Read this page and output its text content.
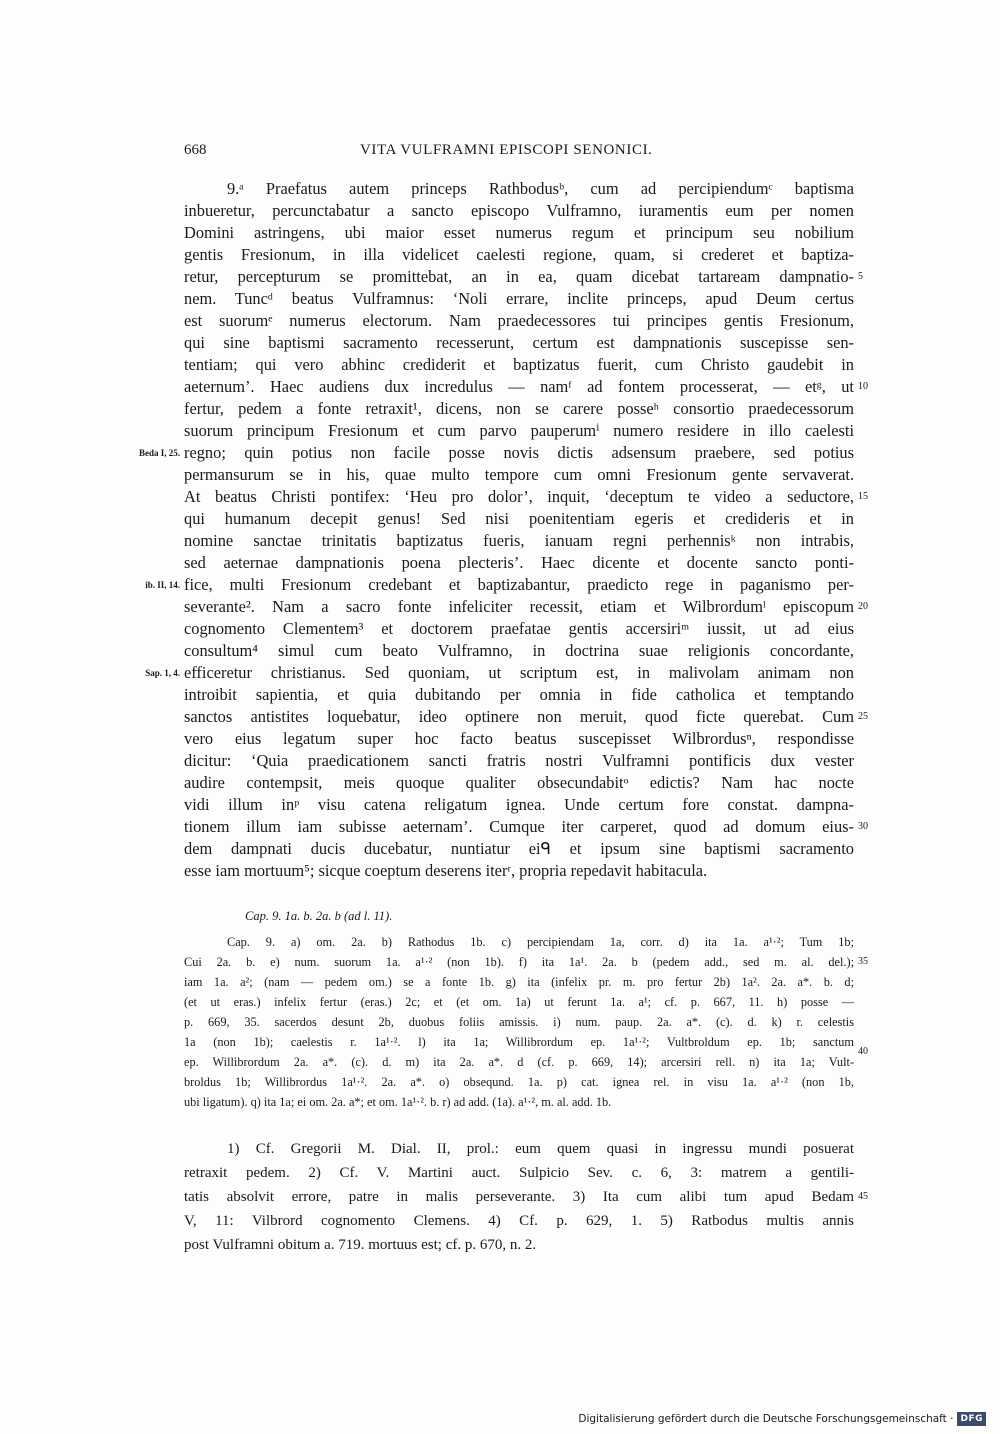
668	VITA VULFRAMNI EPISCOPI SENONICI.
9.ᵃ Praefatus autem princeps Rathbodusᵇ, cum ad percipiendumᶜ baptisma
inbueretur, percunctabatur a sancto episcopo Vulframno, iuramentis eum per nomen
Domini astringens, ubi maior esset numerus regum et principum seu nobilium
gentis Fresionum, in illa videlicet caelesti regione, quam, si crederet et baptiza-
retur, percepturum se promittebat, an in ea, quam dicebat tartaream dampnatio-
nem. Tuncᵈ beatus Vulframnus: ‘Noli errare, inclite princeps, apud Deum certus
est suorumᵉ numerus electorum. Nam praedecessores tui principes gentis Fresionum,
qui sine baptismi sacramento recesserunt, certum est dampnationis suscepisse sen-
tentiam; qui vero abhinc crediderit et baptizatus fuerit, cum Christo gaudebit in
aeternum’. Haec audiens dux incredulus — namᶠ ad fontem processerat, — etᵍ, ut
fertur, pedem a fonte retraxit¹, dicens, non se carere posseʰ consortio praedecessorum
suorum principum Fresionum et cum parvo pauperumⁱ numero residere in illo caelesti
regno; quin potius non facile posse novis dictis adsensum praebere, sed potius
permansurum se in his, quae multo tempore cum omni Fresionum gente servaverat.
At beatus Christi pontifex: ‘Heu pro dolor’, inquit, ‘deceptum te video a seductore,
qui humanum decepit genus! Sed nisi poenitentiam egeris et credideris et in
nomine sanctae trinitatis baptizatus fueris, ianuam regni perhennisᵏ non intrabis,
sed aeternae dampnationis poena plecteris’. Haec dicente et docente sancto ponti-
fice, multi Fresionum credebant et baptizabantur, praedicto rege in paganismo per-
severante². Nam a sacro fonte infeliciter recessit, etiam et Wilbrordumˡ episcopum
cognomento Clementem³ et doctorem praefatae gentis accersiriᵐ iussit, ut ad eius
consultum⁴ simul cum beato Vulframno, in doctrina suae religionis concordante,
efficeretur christianus. Sed quoniam, ut scriptum est, in malivolam animam non
introibit sapientia, et quia dubitando per omnia in fide catholica et temptando
sanctos antistites loquebatur, ideo optinere non meruit, quod ficte querebat. Cum
vero eius legatum super hoc facto beatus suscepisset Wilbrordusⁿ, respondisse
dicitur: ‘Quia praedicationem sancti fratris nostri Vulframni pontificis dux vester
audire contempsit, meis quoque qualiter obsecundabitᵒ edictis? Nam hac nocte
vidi illum inᵖ visu catena religatum ignea. Unde certum fore constat. dampna-
tionem illum iam subisse aeternam’. Cumque iter carperet, quod ad domum eius-
dem dampnati ducis ducebatur, nuntiatur eiᑫ et ipsum sine baptismi sacramento
esse iam mortuum⁵; sicque coeptum deserens iterʳ, propria repedavit habitacula.
Beda I, 25.
ib. II, 14.
Sap. 1, 4.
5
10
15
20
25
30
Cap. 9. 1a. b. 2a. b (ad l. 11).
Cap. 9. a) om. 2a. b) Rathodus 1b. c) percipiendam 1a, corr. d) ita 1a. a¹·²; Tum 1b;
Cui 2a. b. e) num. suorum 1a. a¹·² (non 1b). f) ita 1a¹. 2a. b (pedem add., sed m. al. del.);
iam 1a. a²; (nam — pedem om.) se a fonte 1b. g) ita (infelix pr. m. pro fertur 2b) 1a². 2a. a*. b. d;
(et ut eras.) infelix fertur (eras.) 2c; et (et om. 1a) ut ferunt 1a. a¹; cf. p. 667, 11. h) posse —
p. 669, 35. sacerdos desunt 2b, duobus foliis amissis. i) num. paup. 2a. a*. (c). d. k) r. celestis
1a (non 1b); caelestis r. 1a¹·². l) ita 1a; Willibrordum ep. 1a¹·²; Vultbroldum ep. 1b; sanctum
ep. Willibrordum 2a. a*. (c). d. m) ita 2a. a*. d (cf. p. 669, 14); arcersiri rell. n) ita 1a; Vult-
broldus 1b; Willibrordus 1a¹·². 2a. a*. o) obseqund. 1a. p) cat. ignea rel. in visu 1a. a¹·² (non 1b,
ubi ligatum). q) ita 1a; ei om. 2a. a*; et om. 1a¹·². b. r) ad add. (1a). a¹·², m. al. add. 1b.
35
40
1) Cf. Gregorii M. Dial. II, prol.: eum quem quasi in ingressu mundi posuerat
retraxit pedem. 2) Cf. V. Martini auct. Sulpicio Sev. c. 6, 3: matrem a gentili-
tatis absolvit errore, patre in malis perseverante. 3) Ita cum alibi tum apud Bedam
V, 11: Vilbrord cognomento Clemens. 4) Cf. p. 629, 1. 5) Ratbodus multis annis
post Vulframni obitum a. 719. mortuus est; cf. p. 670, n. 2.
45
Digitalisierung gefördert durch die Deutsche Forschungsgemeinschaft · DFG
